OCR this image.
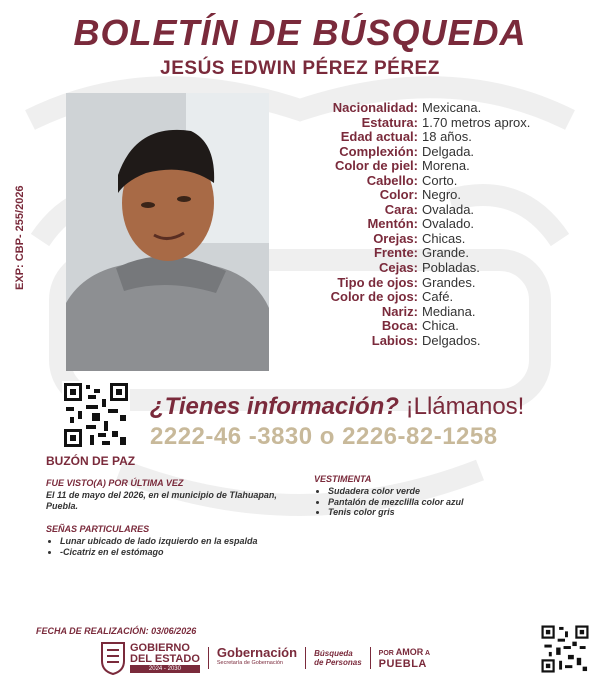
BOLETÍN DE BÚSQUEDA
JESÚS EDWIN PÉREZ PÉREZ
EXP: CBP- 255/2026
Nacionalidad: Mexicana.
Estatura: 1.70 metros aprox.
Edad actual: 18 años.
Complexión: Delgada.
Color de piel: Morena.
Cabello: Corto.
Color: Negro.
Cara: Ovalada.
Mentón: Ovalado.
Orejas: Chicas.
Frente: Grande.
Cejas: Pobladas.
Tipo de ojos: Grandes.
Color de ojos: Café.
Nariz: Mediana.
Boca: Chica.
Labios: Delgados.
BUZÓN DE PAZ
¿Tienes información? ¡Llámanos!
2222-46 -3830 o 2226-82-1258
FUE VISTO(A) POR ÚLTIMA VEZ
El 11 de mayo del 2026, en el municipio de Tlahuapan, Puebla.
SEÑAS PARTICULARES
• Lunar ubicado de lado izquierdo en la espalda
• -Cicatriz en el estómago
VESTIMENTA
• Sudadera color verde
• Pantalón de mezclilla color azul
• Tenis color gris
FECHA DE REALIZACIÓN: 03/06/2026
GOBIERNO
DEL ESTADO
2024 - 2030
Gobernación
Secretaría de Gobernación
Búsqueda
de Personas
POR AMOR A
PUEBLA
